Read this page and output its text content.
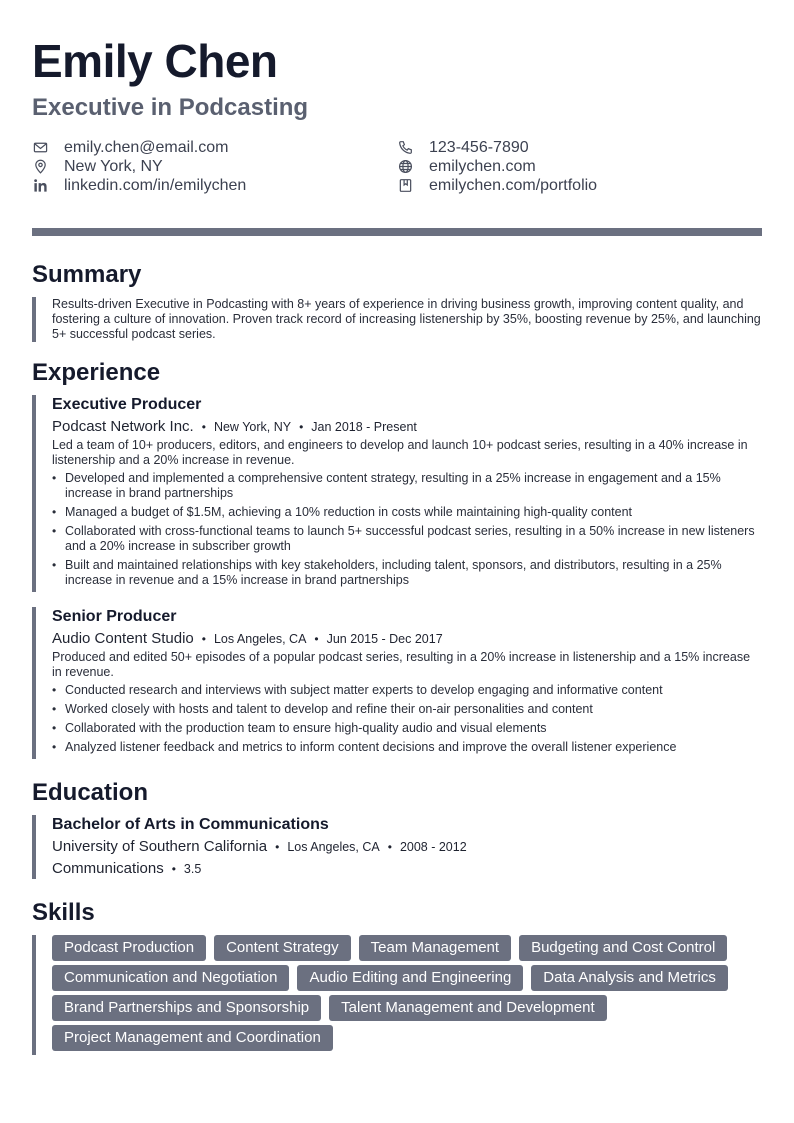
Emily Chen
Executive in Podcasting
emily.chen@email.com	123-456-7890
New York, NY	emilychen.com
linkedin.com/in/emilychen	emilychen.com/portfolio
Summary
Results-driven Executive in Podcasting with 8+ years of experience in driving business growth, improving content quality, and fostering a culture of innovation. Proven track record of increasing listenership by 35%, boosting revenue by 25%, and launching 5+ successful podcast series.
Experience
Executive Producer
Podcast Network Inc. • New York, NY • Jan 2018 - Present
Led a team of 10+ producers, editors, and engineers to develop and launch 10+ podcast series, resulting in a 40% increase in listenership and a 20% increase in revenue.
• Developed and implemented a comprehensive content strategy, resulting in a 25% increase in engagement and a 15% increase in brand partnerships
• Managed a budget of $1.5M, achieving a 10% reduction in costs while maintaining high-quality content
• Collaborated with cross-functional teams to launch 5+ successful podcast series, resulting in a 50% increase in new listeners and a 20% increase in subscriber growth
• Built and maintained relationships with key stakeholders, including talent, sponsors, and distributors, resulting in a 25% increase in revenue and a 15% increase in brand partnerships
Senior Producer
Audio Content Studio • Los Angeles, CA • Jun 2015 - Dec 2017
Produced and edited 50+ episodes of a popular podcast series, resulting in a 20% increase in listenership and a 15% increase in revenue.
• Conducted research and interviews with subject matter experts to develop engaging and informative content
• Worked closely with hosts and talent to develop and refine their on-air personalities and content
• Collaborated with the production team to ensure high-quality audio and visual elements
• Analyzed listener feedback and metrics to inform content decisions and improve the overall listener experience
Education
Bachelor of Arts in Communications
University of Southern California • Los Angeles, CA • 2008 - 2012
Communications • 3.5
Skills
Podcast Production	Content Strategy	Team Management	Budgeting and Cost Control
Communication and Negotiation	Audio Editing and Engineering	Data Analysis and Metrics
Brand Partnerships and Sponsorship	Talent Management and Development
Project Management and Coordination
